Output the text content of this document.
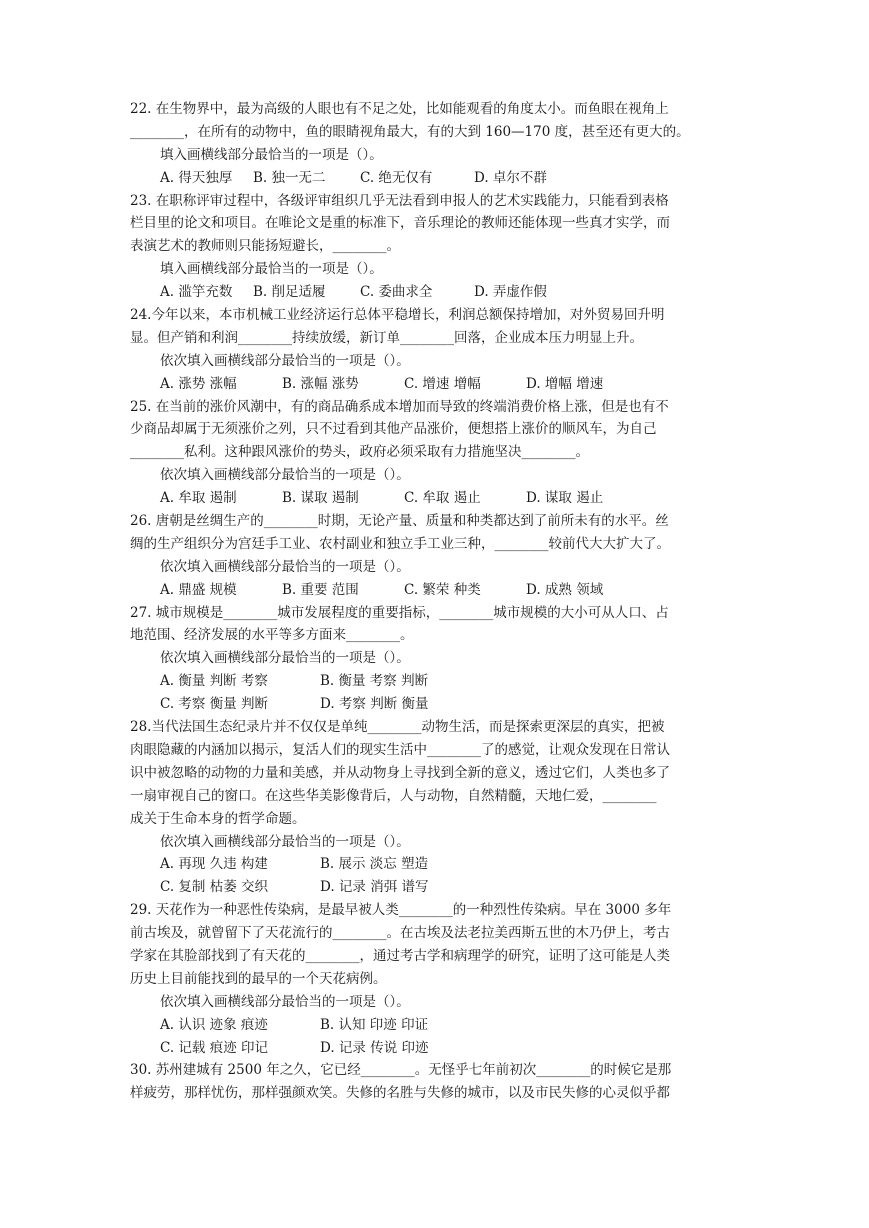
22. 在生物界中，最为高级的人眼也有不足之处，比如能观看的角度太小。而鱼眼在视角上
________，在所有的动物中，鱼的眼睛视角最大，有的大到 160—170 度，甚至还有更大的。
填入画横线部分最恰当的一项是（）。
A. 得天独厚	B. 独一无二	C. 绝无仅有	D. 卓尔不群
23. 在职称评审过程中，各级评审组织几乎无法看到申报人的艺术实践能力，只能看到表格
栏目里的论文和项目。在唯论文是重的标准下，音乐理论的教师还能体现一些真才实学，而
表演艺术的教师则只能扬短避长，________。
填入画横线部分最恰当的一项是（）。
A. 滥竽充数	B. 削足适履	C. 委曲求全	D. 弄虚作假
24.今年以来，本市机械工业经济运行总体平稳增长，利润总额保持增加，对外贸易回升明
显。但产销和利润________持续放缓，新订单________回落，企业成本压力明显上升。
依次填入画横线部分最恰当的一项是（）。
A. 涨势 涨幅	B. 涨幅 涨势	C. 增速 增幅	D. 增幅 增速
25. 在当前的涨价风潮中，有的商品确系成本增加而导致的终端消费价格上涨，但是也有不
少商品却属于无须涨价之列，只不过看到其他产品涨价，便想搭上涨价的顺风车，为自己
________私利。这种跟风涨价的势头，政府必须采取有力措施坚决________。
依次填入画横线部分最恰当的一项是（）。
A. 牟取 遏制	B. 谋取 遏制	C. 牟取 遏止	D. 谋取 遏止
26. 唐朝是丝绸生产的________时期，无论产量、质量和种类都达到了前所未有的水平。丝
绸的生产组织分为宫廷手工业、农村副业和独立手工业三种，________较前代大大扩大了。
依次填入画横线部分最恰当的一项是（）。
A. 鼎盛 规模	B. 重要 范围	C. 繁荣 种类	D. 成熟 领域
27. 城市规模是________城市发展程度的重要指标，________城市规模的大小可从人口、占
地范围、经济发展的水平等多方面来________。
依次填入画横线部分最恰当的一项是（）。
A. 衡量 判断 考察	B. 衡量 考察 判断
C. 考察 衡量 判断	D. 考察 判断 衡量
28.当代法国生态纪录片并不仅仅是单纯________动物生活，而是探索更深层的真实，把被
肉眼隐藏的内涵加以揭示，复活人们的现实生活中________了的感觉，让观众发现在日常认
识中被忽略的动物的力量和美感，并从动物身上寻找到全新的意义，透过它们，人类也多了
一扇审视自己的窗口。在这些华美影像背后，人与动物，自然精髓，天地仁爱，________
成关于生命本身的哲学命题。
依次填入画横线部分最恰当的一项是（）。
A. 再现 久违 构建	B. 展示 淡忘 塑造
C. 复制 枯萎 交织	D. 记录 消弭 谱写
29. 天花作为一种恶性传染病，是最早被人类________的一种烈性传染病。早在 3000 多年
前古埃及，就曾留下了天花流行的________。在古埃及法老拉美西斯五世的木乃伊上，考古
学家在其脸部找到了有天花的________，通过考古学和病理学的研究，证明了这可能是人类
历史上目前能找到的最早的一个天花病例。
依次填入画横线部分最恰当的一项是（）。
A. 认识 迹象 痕迹	B. 认知 印迹 印证
C. 记载 痕迹 印记	D. 记录 传说 印迹
30. 苏州建城有 2500 年之久，它已经________。无怪乎七年前初次________的时候它是那
样疲劳，那样忧伤，那样强颜欢笑。失修的名胜与失修的城市，以及市民失修的心灵似乎都
